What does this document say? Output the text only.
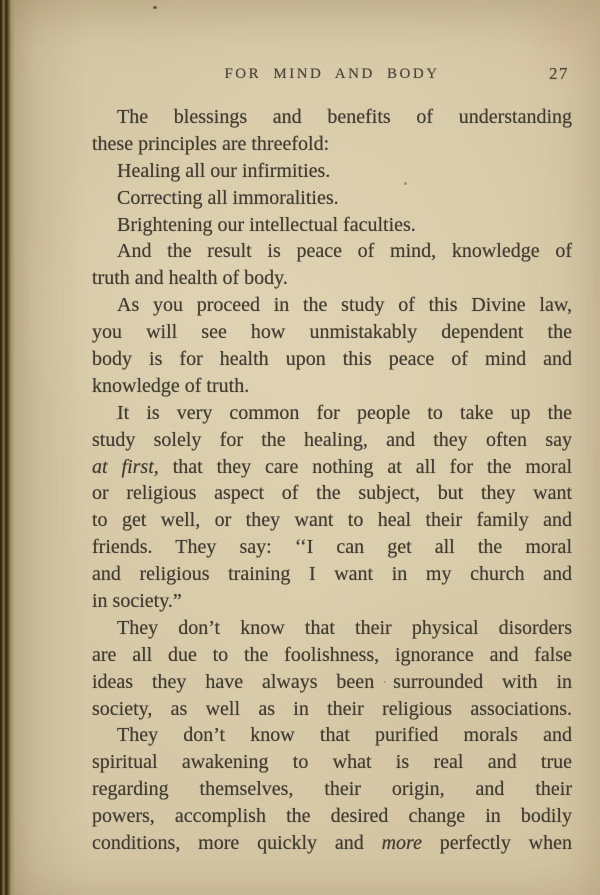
FOR MIND AND BODY	27
The blessings and benefits of understanding
these principles are threefold:
Healing all our infirmities.
Correcting all immoralities.
Brightening our intellectual faculties.
And the result is peace of mind, knowledge of
truth and health of body.
As you proceed in the study of this Divine law,
you will see how unmistakably dependent the
body is for health upon this peace of mind and
knowledge of truth.
It is very common for people to take up the
study solely for the healing, and they often say
at first, that they care nothing at all for the moral
or religious aspect of the subject, but they want
to get well, or they want to heal their family and
friends. They say: ‘‘I can get all the moral
and religious training I want in my church and
in society.”
They don’t know that their physical disorders
are all due to the foolishness, ignorance and false
ideas they have always been surrounded with in
society, as well as in their religious associations.
They don’t know that purified morals and
spiritual awakening to what is real and true
regarding themselves, their origin, and their
powers, accomplish the desired change in bodily
conditions, more quickly and more perfectly when
